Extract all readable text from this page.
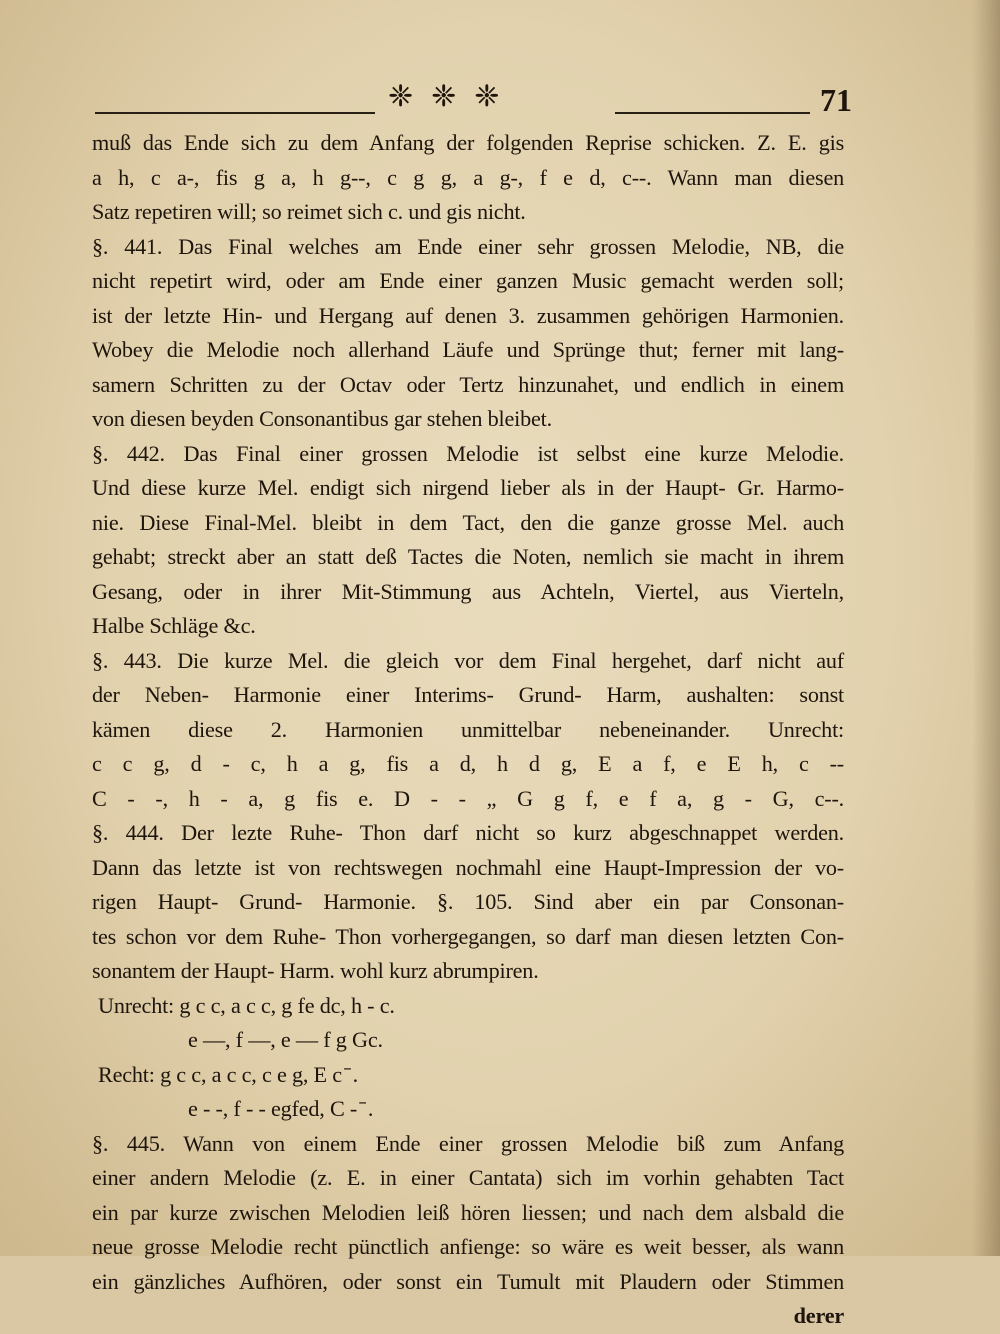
❈ ❈ ❈	71
muß das Ende sich zu dem Anfang der folgenden Reprise schicken. Z. E. gis
a h, c a-, fis g a, h g--, c g g, a g-, f e d, c--. Wann man diesen
Satz repetiren will; so reimet sich c. und gis nicht.
§. 441. Das Final welches am Ende einer sehr grossen Melodie, NB, die
nicht repetirt wird, oder am Ende einer ganzen Music gemacht werden soll;
ist der letzte Hin- und Hergang auf denen 3. zusammen gehörigen Harmonien.
Wobey die Melodie noch allerhand Läufe und Sprünge thut; ferner mit lang-
samern Schritten zu der Octav oder Tertz hinzunahet, und endlich in einem
von diesen beyden Consonantibus gar stehen bleibet.
§. 442. Das Final einer grossen Melodie ist selbst eine kurze Melodie.
Und diese kurze Mel. endigt sich nirgend lieber als in der Haupt- Gr. Harmo-
nie. Diese Final-Mel. bleibt in dem Tact, den die ganze grosse Mel. auch
gehabt; streckt aber an statt deß Tactes die Noten, nemlich sie macht in ihrem
Gesang, oder in ihrer Mit-Stimmung aus Achteln, Viertel, aus Vierteln,
Halbe Schläge &c.
§. 443. Die kurze Mel. die gleich vor dem Final hergehet, darf nicht auf
der Neben- Harmonie einer Interims- Grund- Harm, aushalten: sonst
kämen diese 2. Harmonien unmittelbar nebeneinander. Unrecht:
c c g, d - c, h a g, fis a d, h d g, E a f, e E h, c --
C - -, h - a, g fis e. D - - „ G g f, e f a, g - G, c--.
§. 444. Der lezte Ruhe- Thon darf nicht so kurz abgeschnappet werden.
Dann das letzte ist von rechtswegen nochmahl eine Haupt-Impression der vo-
rigen Haupt- Grund- Harmonie. §. 105. Sind aber ein par Consonan-
tes schon vor dem Ruhe- Thon vorhergegangen, so darf man diesen letzten Con-
sonantem der Haupt- Harm. wohl kurz abrumpiren.
Unrecht: g c c, a c c, g fe dc, h - c.
e —, f —, e — f g Gc.
Recht: g c c, a c c, c e g, E c ̄ .
e - -, f - - egfed, C - ̄ .
§. 445. Wann von einem Ende einer grossen Melodie biß zum Anfang
einer andern Melodie (z. E. in einer Cantata) sich im vorhin gehabten Tact
ein par kurze zwischen Melodien leiß hören liessen; und nach dem alsbald die
neue grosse Melodie recht pünctlich anfienge: so wäre es weit besser, als wann
ein gänzliches Aufhören, oder sonst ein Tumult mit Plaudern oder Stimmen
derer
